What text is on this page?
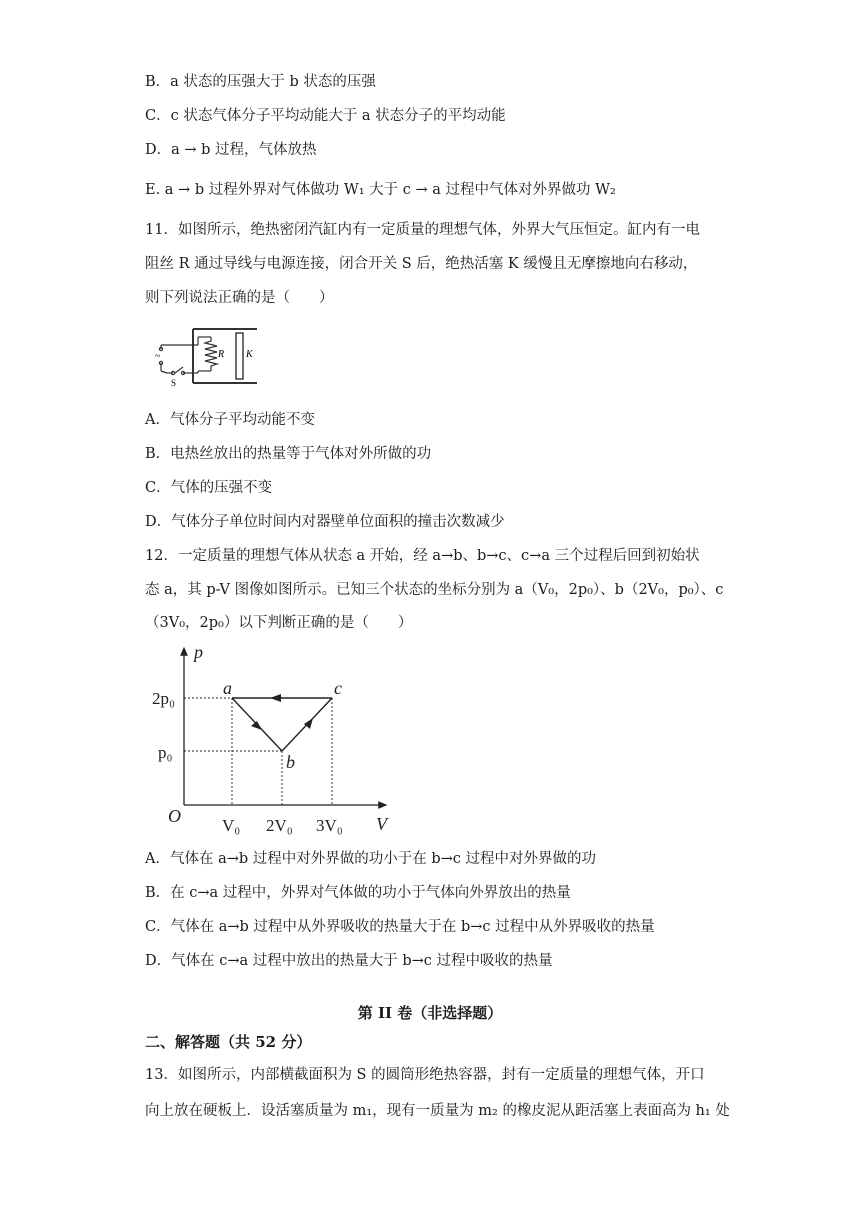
B．a 状态的压强大于 b 状态的压强
C．c 状态气体分子平均动能大于 a 状态分子的平均动能
D．a → b 过程，气体放热
E. a → b 过程外界对气体做功 W₁ 大于 c → a 过程中气体对外界做功 W₂
11．如图所示，绝热密闭汽缸内有一定质量的理想气体，外界大气压恒定。缸内有一电
阻丝 R 通过导线与电源连接，闭合开关 S 后，绝热活塞 K 缓慢且无摩擦地向右移动，
则下列说法正确的是（　　）
~	R K
S
A．气体分子平均动能不变
B．电热丝放出的热量等于气体对外所做的功
C．气体的压强不变
D．气体分子单位时间内对器壁单位面积的撞击次数减少
12．一定质量的理想气体从状态 a 开始，经 a→b、b→c、c→a 三个过程后回到初始状
态 a，其 p-V 图像如图所示。已知三个状态的坐标分别为 a（V₀，2p₀）、b（2V₀，p₀）、c
（3V₀，2p₀）以下判断正确的是（　　）
p
V
O
2p₀
p₀
V₀ 2V₀ 3V₀
a
b
c
A．气体在 a→b 过程中对外界做的功小于在 b→c 过程中对外界做的功
B．在 c→a 过程中，外界对气体做的功小于气体向外界放出的热量
C．气体在 a→b 过程中从外界吸收的热量大于在 b→c 过程中从外界吸收的热量
D．气体在 c→a 过程中放出的热量大于 b→c 过程中吸收的热量
第 II 卷（非选择题）
二、解答题（共 52 分）
13．如图所示，内部横截面积为 S 的圆筒形绝热容器，封有一定质量的理想气体，开口
向上放在硬板上．设活塞质量为 m₁，现有一质量为 m₂ 的橡皮泥从距活塞上表面高为 h₁ 处
